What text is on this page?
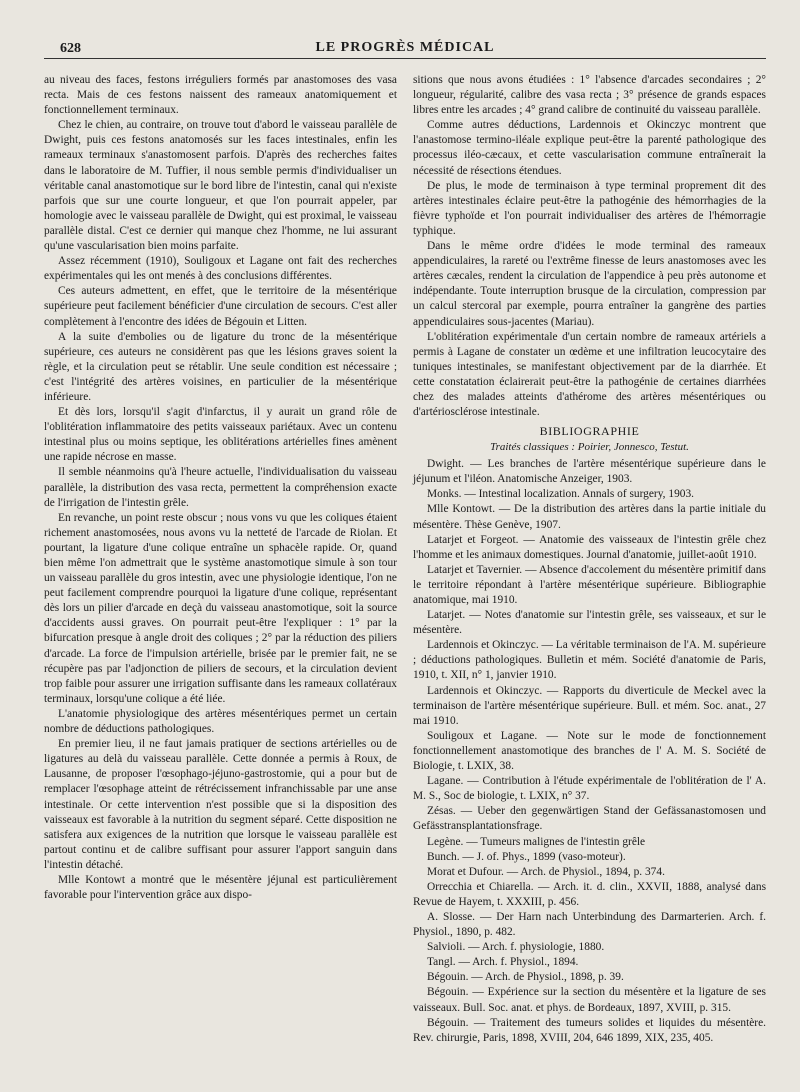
628	LE PROGRÈS MÉDICAL

au niveau des faces, festons irréguliers formés par anastomoses des vasa recta. Mais de ces festons naissent des rameaux anatomiquement et fonctionnellement terminaux.

Chez le chien, au contraire, on trouve tout d'abord le vaisseau parallèle de Dwight, puis ces festons anatomosés sur les faces intestinales, enfin les rameaux terminaux s'anastomosent parfois. D'après des recherches faites dans le laboratoire de M. Tuffier, il nous semble permis d'individualiser un véritable canal anastomotique sur le bord libre de l'intestin, canal qui n'existe parfois que sur une courte longueur, et que l'on pourrait appeler, par homologie avec le vaisseau parallèle de Dwight, qui est proximal, le vaisseau parallèle distal. C'est ce dernier qui manque chez l'homme, ne lui assurant qu'une vascularisation bien moins parfaite.

Assez récemment (1910), Souligoux et Lagane ont fait des recherches expérimentales qui les ont menés à des conclusions différentes.

Ces auteurs admettent, en effet, que le territoire de la mésentérique supérieure peut facilement bénéficier d'une circulation de secours. C'est aller complètement à l'encontre des idées de Bégouin et Litten.

A la suite d'embolies ou de ligature du tronc de la mésentérique supérieure, ces auteurs ne considèrent pas que les lésions graves soient la règle, et la circulation peut se rétablir. Une seule condition est nécessaire ; c'est l'intégrité des artères voisines, en particulier de la mésentérique inférieure.

Et dès lors, lorsqu'il s'agit d'infarctus, il y aurait un grand rôle de l'oblitération inflammatoire des petits vaisseaux pariétaux. Avec un contenu intestinal plus ou moins septique, les oblitérations artérielles fines amènent une rapide nécrose en masse.

Il semble néanmoins qu'à l'heure actuelle, l'individualisation du vaisseau parallèle, la distribution des vasa recta, permettent la compréhension exacte de l'irrigation de l'intestin grêle.

En revanche, un point reste obscur ; nous vons vu que les coliques étaient richement anastomosées, nous avons vu la netteté de l'arcade de Riolan. Et pourtant, la ligature d'une colique entraîne un sphacèle rapide. Or, quand bien même l'on admettrait que le système anastomotique simule à son tour un vaisseau parallèle du gros intestin, avec une physiologie identique, l'on ne peut facilement comprendre pourquoi la ligature d'une colique, représentant dès lors un pilier d'arcade en deçà du vaisseau anastomotique, soit la source d'accidents aussi graves. On pourrait peut-être l'expliquer : 1° par la bifurcation presque à angle droit des coliques ; 2° par la réduction des piliers d'arcade. La force de l'impulsion artérielle, brisée par le premier fait, ne se récupère pas par l'adjonction de piliers de secours, et la circulation devient trop faible pour assurer une irrigation suffisante dans les rameaux collatéraux terminaux, lorsqu'une colique a été liée.

L'anatomie physiologique des artères mésentériques permet un certain nombre de déductions pathologiques.

En premier lieu, il ne faut jamais pratiquer de sections artérielles ou de ligatures au delà du vaisseau parallèle. Cette donnée a permis à Roux, de Lausanne, de proposer l'œsophago-jéjuno-gastrostomie, qui a pour but de remplacer l'œsophage atteint de rétrécissement infranchissable par une anse intestinale. Or cette intervention n'est possible que si la disposition des vaisseaux est favorable à la nutrition du segment séparé. Cette disposition ne satisfera aux exigences de la nutrition que lorsque le vaisseau parallèle est partout continu et de calibre suffisant pour assurer l'apport sanguin dans l'intestin détaché.

Mlle Kontowt a montré que le mésentère jéjunal est particulièrement favorable pour l'intervention grâce aux dispo-

sitions que nous avons étudiées : 1° l'absence d'arcades secondaires ; 2° longueur, régularité, calibre des vasa recta ; 3° présence de grands espaces libres entre les arcades ; 4° grand calibre de continuité du vaisseau parallèle.

Comme autres déductions, Lardennois et Okinczyc montrent que l'anastomose termino-iléale explique peut-être la parenté pathologique des processus iléo-cæcaux, et cette vascularisation commune entraînerait la nécessité de résections étendues.

De plus, le mode de terminaison à type terminal proprement dit des artères intestinales éclaire peut-être la pathogénie des hémorrhagies de la fièvre typhoïde et l'on pourrait individualiser des artères de l'hémorragie typhique.

Dans le même ordre d'idées le mode terminal des rameaux appendiculaires, la rareté ou l'extrême finesse de leurs anastomoses avec les artères cæcales, rendent la circulation de l'appendice à peu près autonome et indépendante. Toute interruption brusque de la circulation, compression par un calcul stercoral par exemple, pourra entraîner la gangrène des parties appendiculaires sous-jacentes (Mariau).

L'oblitération expérimentale d'un certain nombre de rameaux artériels a permis à Lagane de constater un œdème et une infiltration leucocytaire des tuniques intestinales, se manifestant objectivement par de la diarrhée. Et cette constatation éclairerait peut-être la pathogénie de certaines diarrhées chez des malades atteints d'athérome des artères mésentériques ou d'artériosclérose intestinale.

BIBLIOGRAPHIE
Traités classiques : Poirier, Jonnesco, Testut.

Dwight. — Les branches de l'artère mésentérique supérieure dans le jéjunum et l'iléon. Anatomische Anzeiger, 1903.

Monks. — Intestinal localization. Annals of surgery, 1903.

Mlle Kontowt. — De la distribution des artères dans la partie initiale du mésentère. Thèse Genève, 1907.

Latarjet et Forgeot. — Anatomie des vaisseaux de l'intestin grêle chez l'homme et les animaux domestiques. Journal d'anatomie, juillet-août 1910.

Latarjet et Tavernier. — Absence d'accolement du mésentère primitif dans le territoire répondant à l'artère mésentérique supérieure. Bibliographie anatomique, mai 1910.

Latarjet. — Notes d'anatomie sur l'intestin grêle, ses vaisseaux, et sur le mésentère.

Lardennois et Okinczyc. — La véritable terminaison de l'A. M. supérieure ; déductions pathologiques. Bulletin et mém. Société d'anatomie de Paris, 1910, t. XII, n° 1, janvier 1910.

Lardennois et Okinczyc. — Rapports du diverticule de Meckel avec la terminaison de l'artère mésentérique supérieure. Bull. et mém. Soc. anat., 27 mai 1910.

Souligoux et Lagane. — Note sur le mode de fonctionnement fonctionnellement anastomotique des branches de l' A. M. S. Société de Biologie, t. LXIX, 38.

Lagane. — Contribution à l'étude expérimentale de l'oblitération de l' A. M. S., Soc de biologie, t. LXIX, n° 37.

Zésas. — Ueber den gegenwärtigen Stand der Gefässanastomosen und Gefässtransplantationsfrage.

Legène. — Tumeurs malignes de l'intestin grêle

Bunch. — J. of. Phys., 1899 (vaso-moteur).

Morat et Dufour. — Arch. de Physiol., 1894, p. 374.

Orrecchia et Chiarella. — Arch. it. d. clin., XXVII, 1888, analysé dans Revue de Hayem, t. XXXIII, p. 456.

A. Slosse. — Der Harn nach Unterbindung des Darmarterien. Arch. f. Physiol., 1890, p. 482.

Salvioli. — Arch. f. physiologie, 1880.

Tangl. — Arch. f. Physiol., 1894.

Bégouin. — Arch. de Physiol., 1898, p. 39.

Bégouin. — Expérience sur la section du mésentère et la ligature de ses vaisseaux. Bull. Soc. anat. et phys. de Bordeaux, 1897, XVIII, p. 315.

Bégouin. — Traitement des tumeurs solides et liquides du mésentère. Rev. chirurgie, Paris, 1898, XVIII, 204, 646 1899, XIX, 235, 405.
